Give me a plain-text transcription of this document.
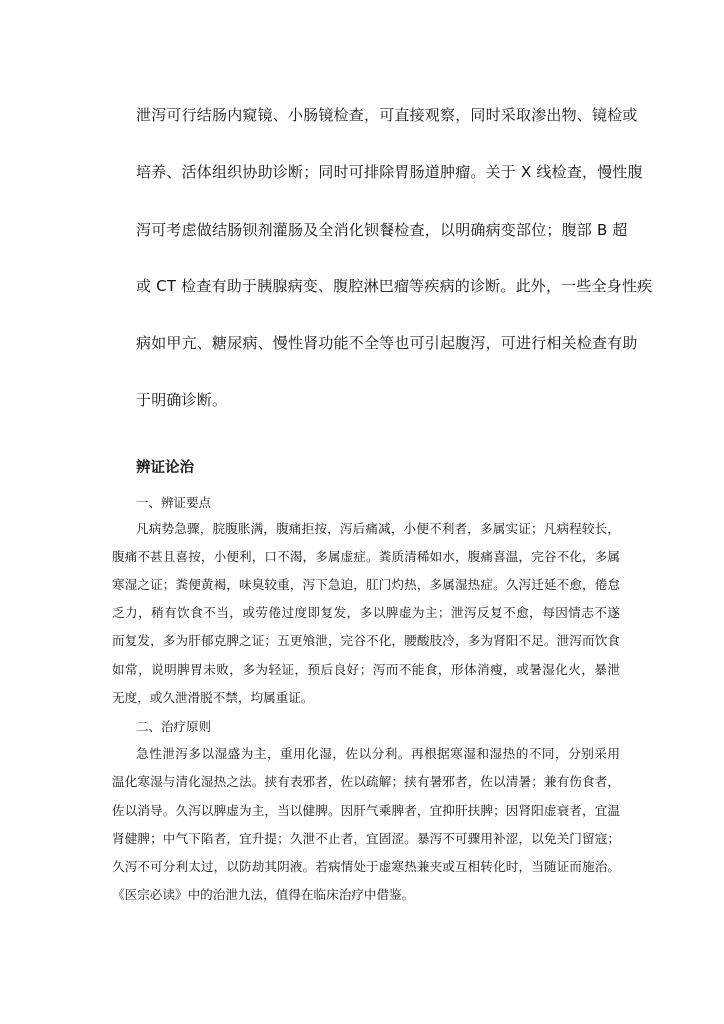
泄泻可行结肠内窥镜、小肠镜检查，可直接观察，同时采取渗出物、镜检或
培养、活体组织协助诊断；同时可排除胃肠道肿瘤。关于 X 线检查，慢性腹
泻可考虑做结肠钡剂灌肠及全消化钡餐检查，以明确病变部位；腹部 B 超
或 CT 检查有助于胰腺病变、腹腔淋巴瘤等疾病的诊断。此外，一些全身性疾
病如甲亢、糖尿病、慢性肾功能不全等也可引起腹泻，可进行相关检查有助
于明确诊断。
辨证论治
一、辨证要点
凡病势急骤，脘腹胀满，腹痛拒按，泻后痛减，小便不利者，多属实证；凡病程较长，
腹痛不甚且喜按，小便利，口不渴，多属虚症。粪质清稀如水，腹痛喜温，完谷不化，多属
寒湿之证；粪便黄褐，味臭较重，泻下急迫，肛门灼热，多属湿热症。久泻迁延不愈，倦怠
乏力，稍有饮食不当，或劳倦过度即复发，多以脾虚为主；泄泻反复不愈，每因情志不遂
而复发，多为肝郁克脾之证；五更飧泄，完谷不化，腰酸肢冷，多为肾阳不足。泄泻而饮食
如常，说明脾胃未败，多为轻证，预后良好；泻而不能食，形体消瘦，或暑湿化火，暴泄
无度，或久泄滑脱不禁，均属重证。
二、治疗原则
急性泄泻多以湿盛为主，重用化湿，佐以分利。再根据寒湿和湿热的不同，分别采用
温化寒湿与清化湿热之法。挟有表邪者，佐以疏解；挟有暑邪者，佐以清暑；兼有伤食者，
佐以消导。久泻以脾虚为主，当以健脾。因肝气乘脾者，宜抑肝扶脾；因肾阳虚衰者，宜温
肾健脾；中气下陷者，宜升提；久泄不止者，宜固涩。暴泻不可骤用补涩，以免关门留寇；
久泻不可分利太过，以防劫其阴液。若病情处于虚寒热兼夹或互相转化时，当随证而施治。
《医宗必读》中的治泄九法，值得在临床治疗中借鉴。
